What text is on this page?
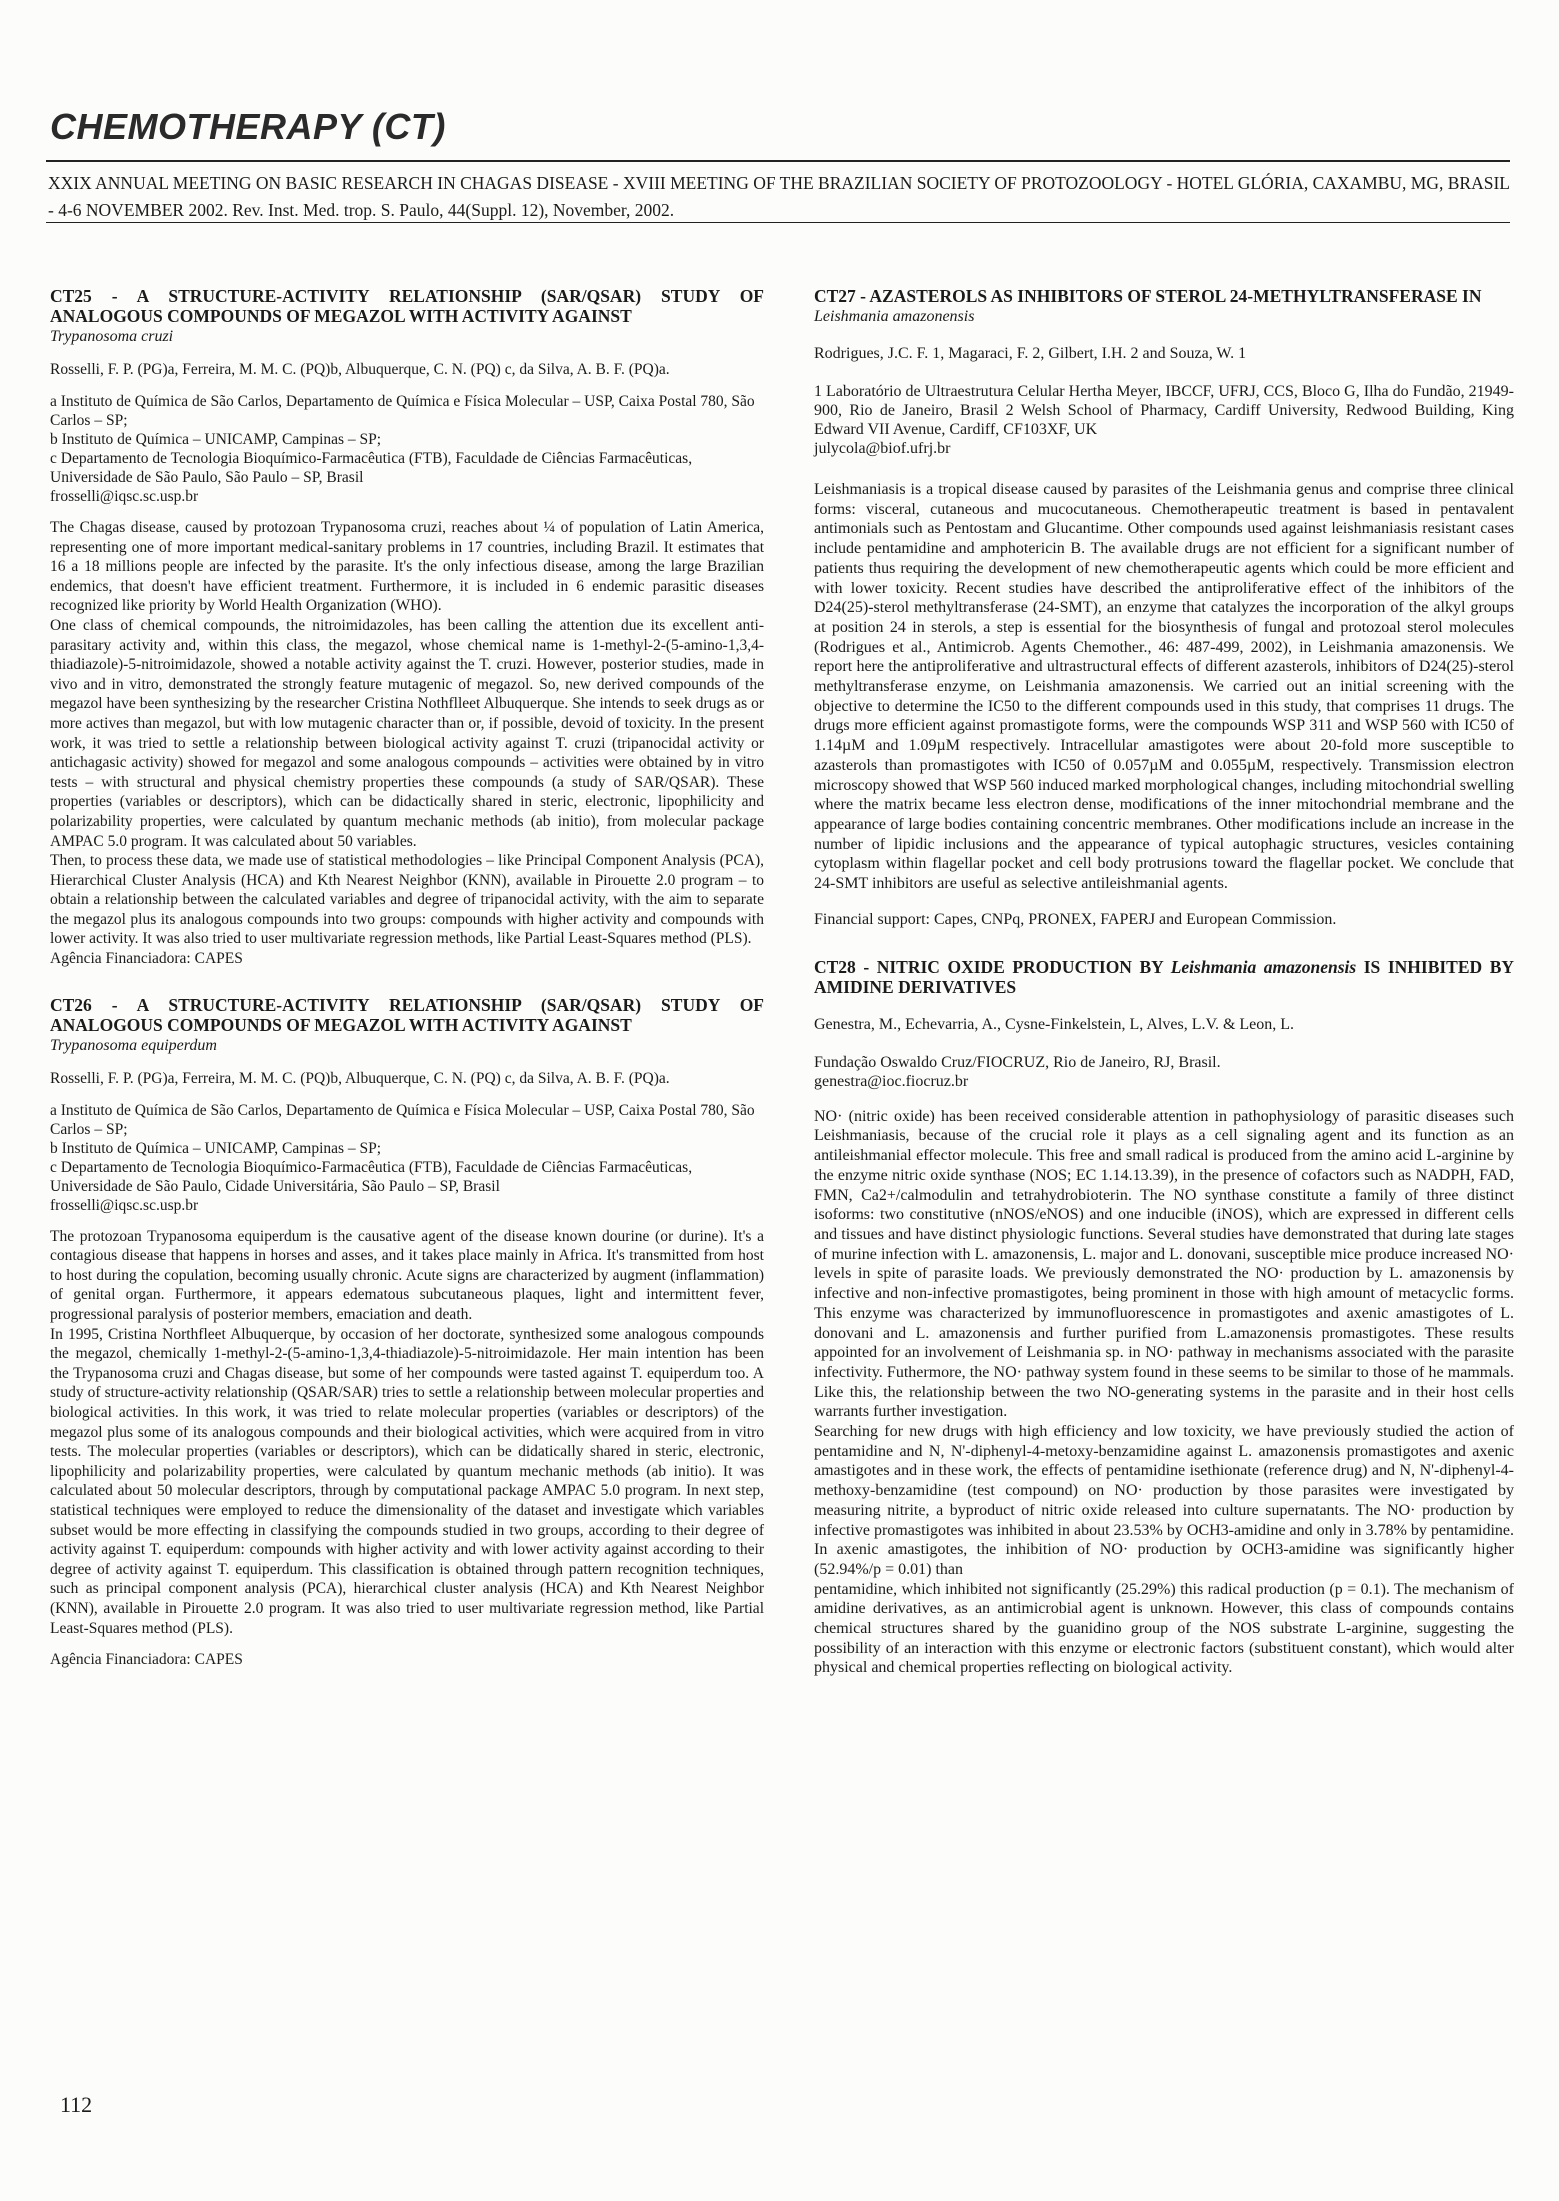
CHEMOTHERAPY (CT)
XXIX ANNUAL MEETING ON BASIC RESEARCH IN CHAGAS DISEASE - XVIII MEETING OF THE BRAZILIAN SOCIETY OF PROTOZOOLOGY - HOTEL GLÓRIA, CAXAMBU, MG, BRASIL - 4-6 NOVEMBER 2002. Rev. Inst. Med. trop. S. Paulo, 44(Suppl. 12), November, 2002.
CT25 - A STRUCTURE-ACTIVITY RELATIONSHIP (SAR/QSAR) STUDY OF ANALOGOUS COMPOUNDS OF MEGAZOL WITH ACTIVITY AGAINST
Trypanosoma cruzi
Rosselli, F. P. (PG)a, Ferreira, M. M. C. (PQ)b, Albuquerque, C. N. (PQ) c, da Silva, A. B. F. (PQ)a.
a Instituto de Química de São Carlos, Departamento de Química e Física Molecular – USP, Caixa Postal 780, São Carlos – SP;
b Instituto de Química – UNICAMP, Campinas – SP;
c Departamento de Tecnologia Bioquímico-Farmacêutica (FTB), Faculdade de Ciências Farmacêuticas, Universidade de São Paulo, São Paulo – SP, Brasil
frosselli@iqsc.sc.usp.br

The Chagas disease, caused by protozoan Trypanosoma cruzi, reaches about ¼ of population of Latin America, representing one of more important medical-sanitary problems in 17 countries, including Brazil. It estimates that 16 a 18 millions people are infected by the parasite. It's the only infectious disease, among the large Brazilian endemics, that doesn't have efficient treatment. Furthermore, it is included in 6 endemic parasitic diseases recognized like priority by World Health Organization (WHO).

One class of chemical compounds, the nitroimidazoles, has been calling the attention due its excellent anti-parasitary activity and, within this class, the megazol, whose chemical name is 1-methyl-2-(5-amino-1,3,4-thiadiazole)-5-nitroimidazole, showed a notable activity against the T. cruzi. However, posterior studies, made in vivo and in vitro, demonstrated the strongly feature mutagenic of megazol. So, new derived compounds of the megazol have been synthesizing by the researcher Cristina Nothflleet Albuquerque. She intends to seek drugs as or more actives than megazol, but with low mutagenic character than or, if possible, devoid of toxicity. In the present work, it was tried to settle a relationship between biological activity against T. cruzi (tripanocidal activity or antichagasic activity) showed for megazol and some analogous compounds – activities were obtained by in vitro tests – with structural and physical chemistry properties these compounds (a study of SAR/QSAR). These properties (variables or descriptors), which can be didactically shared in steric, electronic, lipophilicity and polarizability properties, were calculated by quantum mechanic methods (ab initio), from molecular package AMPAC 5.0 program. It was calculated about 50 variables.

Then, to process these data, we made use of statistical methodologies – like Principal Component Analysis (PCA), Hierarchical Cluster Analysis (HCA) and Kth Nearest Neighbor (KNN), available in Pirouette 2.0 program – to obtain a relationship between the calculated variables and degree of tripanocidal activity, with the aim to separate the megazol plus its analogous compounds into two groups: compounds with higher activity and compounds with lower activity. It was also tried to user multivariate regression methods, like Partial Least-Squares method (PLS).

Agência Financiadora: CAPES

CT26 - A STRUCTURE-ACTIVITY RELATIONSHIP (SAR/QSAR) STUDY OF ANALOGOUS COMPOUNDS OF MEGAZOL WITH ACTIVITY AGAINST
Trypanosoma equiperdum
Rosselli, F. P. (PG)a, Ferreira, M. M. C. (PQ)b, Albuquerque, C. N. (PQ) c, da Silva, A. B. F. (PQ)a.
a Instituto de Química de São Carlos, Departamento de Química e Física Molecular – USP, Caixa Postal 780, São Carlos – SP;
b Instituto de Química – UNICAMP, Campinas – SP;
c Departamento de Tecnologia Bioquímico-Farmacêutica (FTB), Faculdade de Ciências Farmacêuticas, Universidade de São Paulo, Cidade Universitária, São Paulo – SP, Brasil
frosselli@iqsc.sc.usp.br

The protozoan Trypanosoma equiperdum is the causative agent of the disease known dourine (or durine). It's a contagious disease that happens in horses and asses, and it takes place mainly in Africa. It's transmitted from host to host during the copulation, becoming usually chronic. Acute signs are characterized by augment (inflammation) of genital organ. Furthermore, it appears edematous subcutaneous plaques, light and intermittent fever, progressional paralysis of posterior members, emaciation and death.

In 1995, Cristina Northfleet Albuquerque, by occasion of her doctorate, synthesized some analogous compounds the megazol, chemically 1-methyl-2-(5-amino-1,3,4-thiadiazole)-5-nitroimidazole. Her main intention has been the Trypanosoma cruzi and Chagas disease, but some of her compounds were tasted against T. equiperdum too. A study of structure-activity relationship (QSAR/SAR) tries to settle a relationship between molecular properties and biological activities. In this work, it was tried to relate molecular properties (variables or descriptors) of the megazol plus some of its analogous compounds and their biological activities, which were acquired from in vitro tests. The molecular properties (variables or descriptors), which can be didatically shared in steric, electronic, lipophilicity and polarizability properties, were calculated by quantum mechanic methods (ab initio). It was calculated about 50 molecular descriptors, through by computational package AMPAC 5.0 program. In next step, statistical techniques were employed to reduce the dimensionality of the dataset and investigate which variables subset would be more effecting in classifying the compounds studied in two groups, according to their degree of activity against T. equiperdum: compounds with higher activity and with lower activity against according to their degree of activity against T. equiperdum. This classification is obtained through pattern recognition techniques, such as principal component analysis (PCA), hierarchical cluster analysis (HCA) and Kth Nearest Neighbor (KNN), available in Pirouette 2.0 program. It was also tried to user multivariate regression method, like Partial Least-Squares method (PLS).

Agência Financiadora: CAPES
CT27 - AZASTEROLS AS INHIBITORS OF STEROL 24-METHYLTRANSFERASE IN
Leishmania amazonensis
Rodrigues, J.C. F. 1, Magaraci, F. 2, Gilbert, I.H. 2 and Souza, W. 1
1 Laboratório de Ultraestrutura Celular Hertha Meyer, IBCCF, UFRJ, CCS, Bloco G, Ilha do Fundão, 21949-900, Rio de Janeiro, Brasil 2 Welsh School of Pharmacy, Cardiff University, Redwood Building, King Edward VII Avenue, Cardiff, CF103XF, UK
julycola@biof.ufrj.br

Leishmaniasis is a tropical disease caused by parasites of the Leishmania genus and comprise three clinical forms: visceral, cutaneous and mucocutaneous. Chemotherapeutic treatment is based in pentavalent antimonials such as Pentostam and Glucantime. Other compounds used against leishmaniasis resistant cases include pentamidine and amphotericin B. The available drugs are not efficient for a significant number of patients thus requiring the development of new chemotherapeutic agents which could be more efficient and with lower toxicity. Recent studies have described the antiproliferative effect of the inhibitors of the D24(25)-sterol methyltransferase (24-SMT), an enzyme that catalyzes the incorporation of the alkyl groups at position 24 in sterols, a step is essential for the biosynthesis of fungal and protozoal sterol molecules (Rodrigues et al., Antimicrob. Agents Chemother., 46: 487-499, 2002), in Leishmania amazonensis. We report here the antiproliferative and ultrastructural effects of different azasterols, inhibitors of D24(25)-sterol methyltransferase enzyme, on Leishmania amazonensis. We carried out an initial screening with the objective to determine the IC50 to the different compounds used in this study, that comprises 11 drugs. The drugs more efficient against promastigote forms, were the compounds WSP 311 and WSP 560 with IC50 of 1.14µM and 1.09µM respectively. Intracellular amastigotes were about 20-fold more susceptible to azasterols than promastigotes with IC50 of 0.057µM and 0.055µM, respectively. Transmission electron microscopy showed that WSP 560 induced marked morphological changes, including mitochondrial swelling where the matrix became less electron dense, modifications of the inner mitochondrial membrane and the appearance of large bodies containing concentric membranes. Other modifications include an increase in the number of lipidic inclusions and the appearance of typical autophagic structures, vesicles containing cytoplasm within flagellar pocket and cell body protrusions toward the flagellar pocket. We conclude that 24-SMT inhibitors are useful as selective antileishmanial agents.

Financial support: Capes, CNPq, PRONEX, FAPERJ and European Commission.
CT28 - NITRIC OXIDE PRODUCTION BY Leishmania amazonensis IS INHIBITED BY AMIDINE DERIVATIVES
Genestra, M., Echevarria, A., Cysne-Finkelstein, L, Alves, L.V. & Leon, L.
Fundação Oswaldo Cruz/FIOCRUZ, Rio de Janeiro, RJ, Brasil.
genestra@ioc.fiocruz.br

NO· (nitric oxide) has been received considerable attention in pathophysiology of parasitic diseases such Leishmaniasis, because of the crucial role it plays as a cell signaling agent and its function as an antileishmanial effector molecule. This free and small radical is produced from the amino acid L-arginine by the enzyme nitric oxide synthase (NOS; EC 1.14.13.39), in the presence of cofactors such as NADPH, FAD, FMN, Ca2+/calmodulin and tetrahydrobioterin. The NO synthase constitute a family of three distinct isoforms: two constitutive (nNOS/eNOS) and one inducible (iNOS), which are expressed in different cells and tissues and have distinct physiologic functions. Several studies have demonstrated that during late stages of murine infection with L. amazonensis, L. major and L. donovani, susceptible mice produce increased NO· levels in spite of parasite loads. We previously demonstrated the NO· production by L. amazonensis by infective and non-infective promastigotes, being prominent in those with high amount of metacyclic forms. This enzyme was characterized by immunofluorescence in promastigotes and axenic amastigotes of L. donovani and L. amazonensis and further purified from L.amazonensis promastigotes. These results appointed for an involvement of Leishmania sp. in NO· pathway in mechanisms associated with the parasite infectivity. Futhermore, the NO· pathway system found in these seems to be similar to those of he mammals. Like this, the relationship between the two NO-generating systems in the parasite and in their host cells warrants further investigation.

Searching for new drugs with high efficiency and low toxicity, we have previously studied the action of pentamidine and N, N'-diphenyl-4-metoxy-benzamidine against L. amazonensis promastigotes and axenic amastigotes and in these work, the effects of pentamidine isethionate (reference drug) and N, N'-diphenyl-4-methoxy-benzamidine (test compound) on NO· production by those parasites were investigated by measuring nitrite, a byproduct of nitric oxide released into culture supernatants. The NO· production by infective promastigotes was inhibited in about 23.53% by OCH3-amidine and only in 3.78% by pentamidine. In axenic amastigotes, the inhibition of NO· production by OCH3-amidine was significantly higher (52.94%/p = 0.01) than

pentamidine, which inhibited not significantly (25.29%) this radical production (p = 0.1). The mechanism of amidine derivatives, as an antimicrobial agent is unknown. However, this class of compounds contains chemical structures shared by the guanidino group of the NOS substrate L-arginine, suggesting the possibility of an interaction with this enzyme or electronic factors (substituent constant), which would alter physical and chemical properties reflecting on biological activity.

112
